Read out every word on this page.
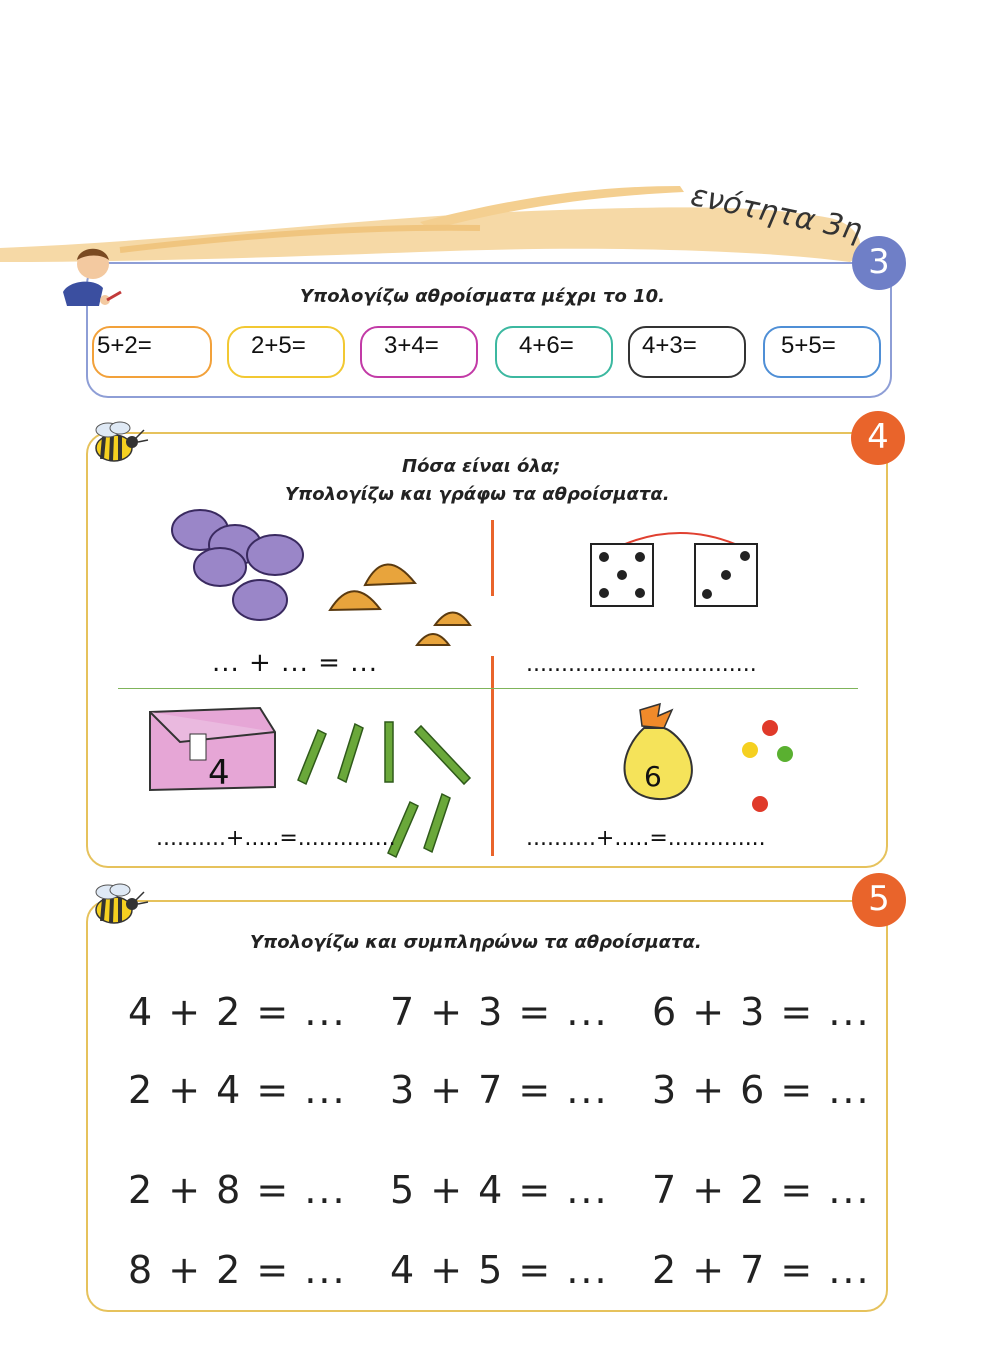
ενότητα 3η
3
Υπολογίζω αθροίσματα μέχρι το 10.
5+2=	2+5=	3+4=	4+6=	4+3=	5+5=
4
Πόσα είναι όλα;
Υπολογίζω και γράφω τα αθροίσματα.
... + ... = ...	.................................
4
..........+.....=..............
6
..........+.....=..............
5
Υπολογίζω και συμπληρώνω τα αθροίσματα.
4 + 2 = ... 7 + 3 = ... 6 + 3 = ...
2 + 4 = ... 3 + 7 = ... 3 + 6 = ...
2 + 8 = ... 5 + 4 = ... 7 + 2 = ...
8 + 2 = ... 4 + 5 = ... 2 + 7 = ...
